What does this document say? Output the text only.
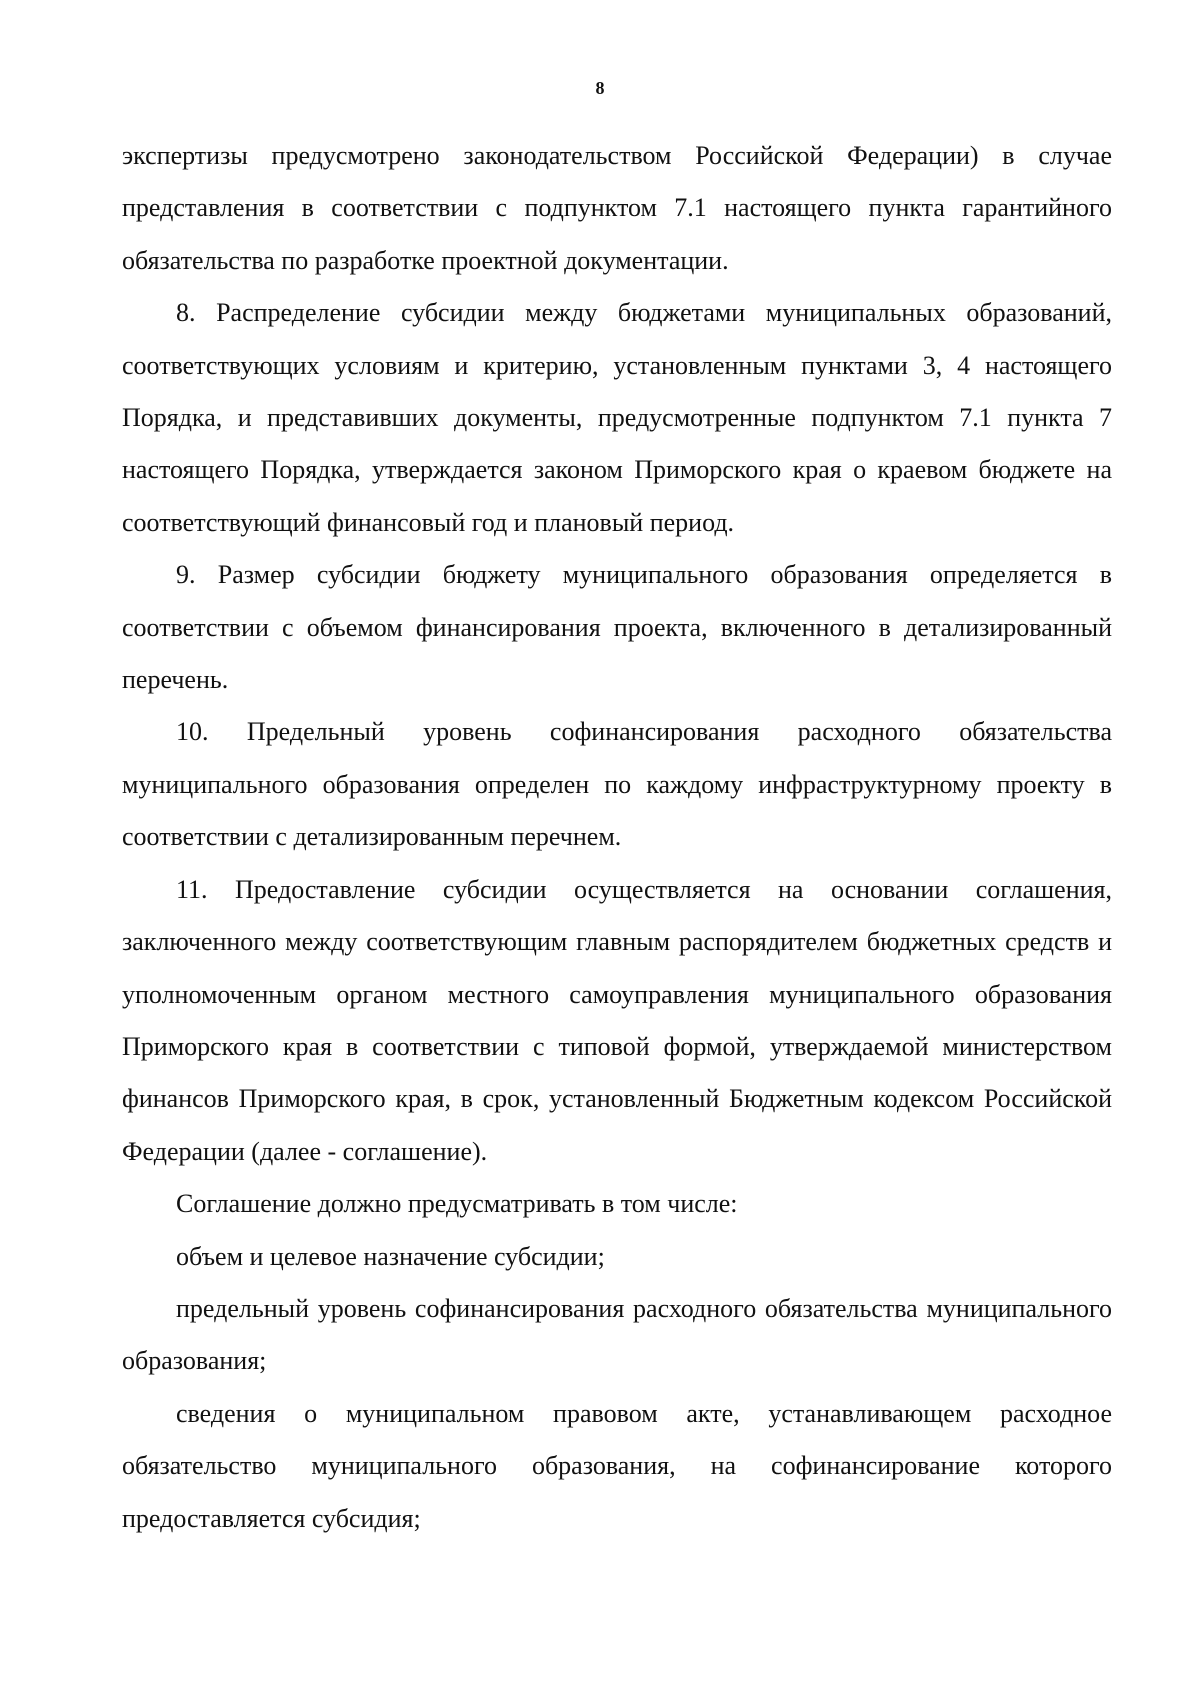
8

экспертизы предусмотрено законодательством Российской Федерации) в случае представления в соответствии с подпунктом 7.1 настоящего пункта гарантийного обязательства по разработке проектной документации.

8. Распределение субсидии между бюджетами муниципальных образований, соответствующих условиям и критерию, установленным пунктами 3, 4 настоящего Порядка, и представивших документы, предусмотренные подпунктом 7.1 пункта 7 настоящего Порядка, утверждается законом Приморского края о краевом бюджете на соответствующий финансовый год и плановый период.

9. Размер субсидии бюджету муниципального образования определяется в соответствии с объемом финансирования проекта, включенного в детализированный перечень.

10. Предельный уровень софинансирования расходного обязательства муниципального образования определен по каждому инфраструктурному проекту в соответствии с детализированным перечнем.

11. Предоставление субсидии осуществляется на основании соглашения, заключенного между соответствующим главным распорядителем бюджетных средств и уполномоченным органом местного самоуправления муниципального образования Приморского края в соответствии с типовой формой, утверждаемой министерством финансов Приморского края, в срок, установленный Бюджетным кодексом Российской Федерации (далее - соглашение).

Соглашение должно предусматривать в том числе:

объем и целевое назначение субсидии;

предельный уровень софинансирования расходного обязательства муниципального образования;

сведения о муниципальном правовом акте, устанавливающем расходное обязательство муниципального образования, на софинансирование которого предоставляется субсидия;
